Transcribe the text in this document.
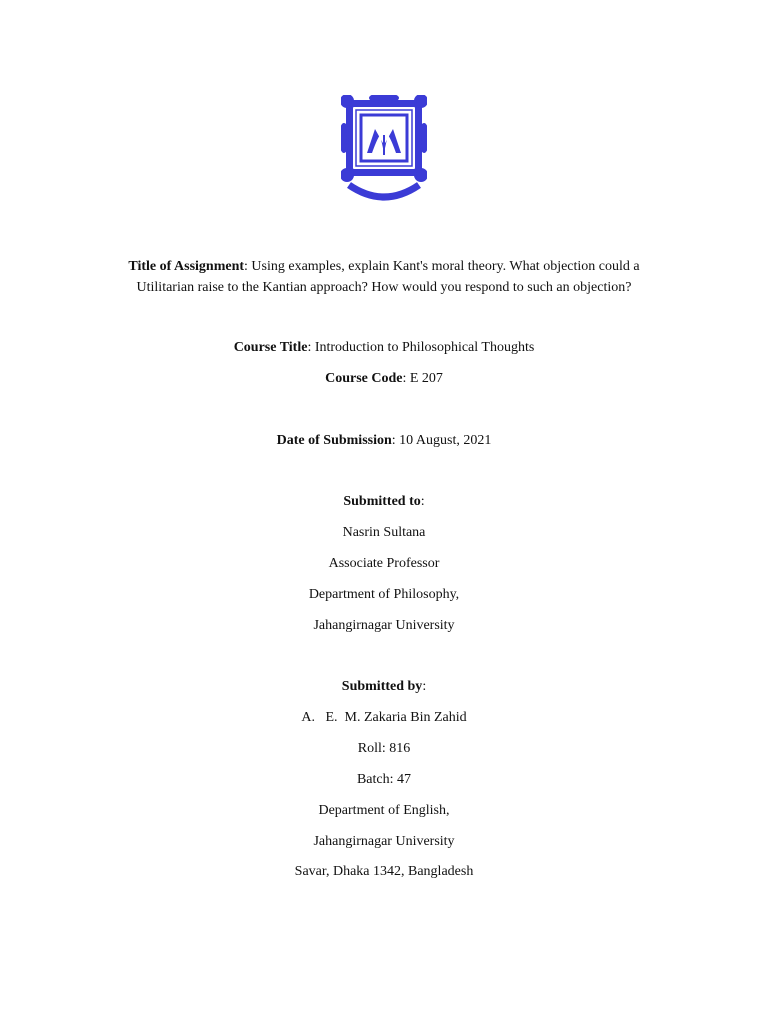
Title of Assignment: Using examples, explain Kant's moral theory. What objection could a Utilitarian raise to the Kantian approach? How would you respond to such an objection?
Course Title: Introduction to Philosophical Thoughts
Course Code: E 207
Date of Submission: 10 August, 2021
Submitted to:
Nasrin Sultana
Associate Professor
Department of Philosophy,
Jahangirnagar University
Submitted by:
A.   E.  M. Zakaria Bin Zahid
Roll: 816
Batch: 47
Department of English,
Jahangirnagar University
Savar, Dhaka 1342, Bangladesh
